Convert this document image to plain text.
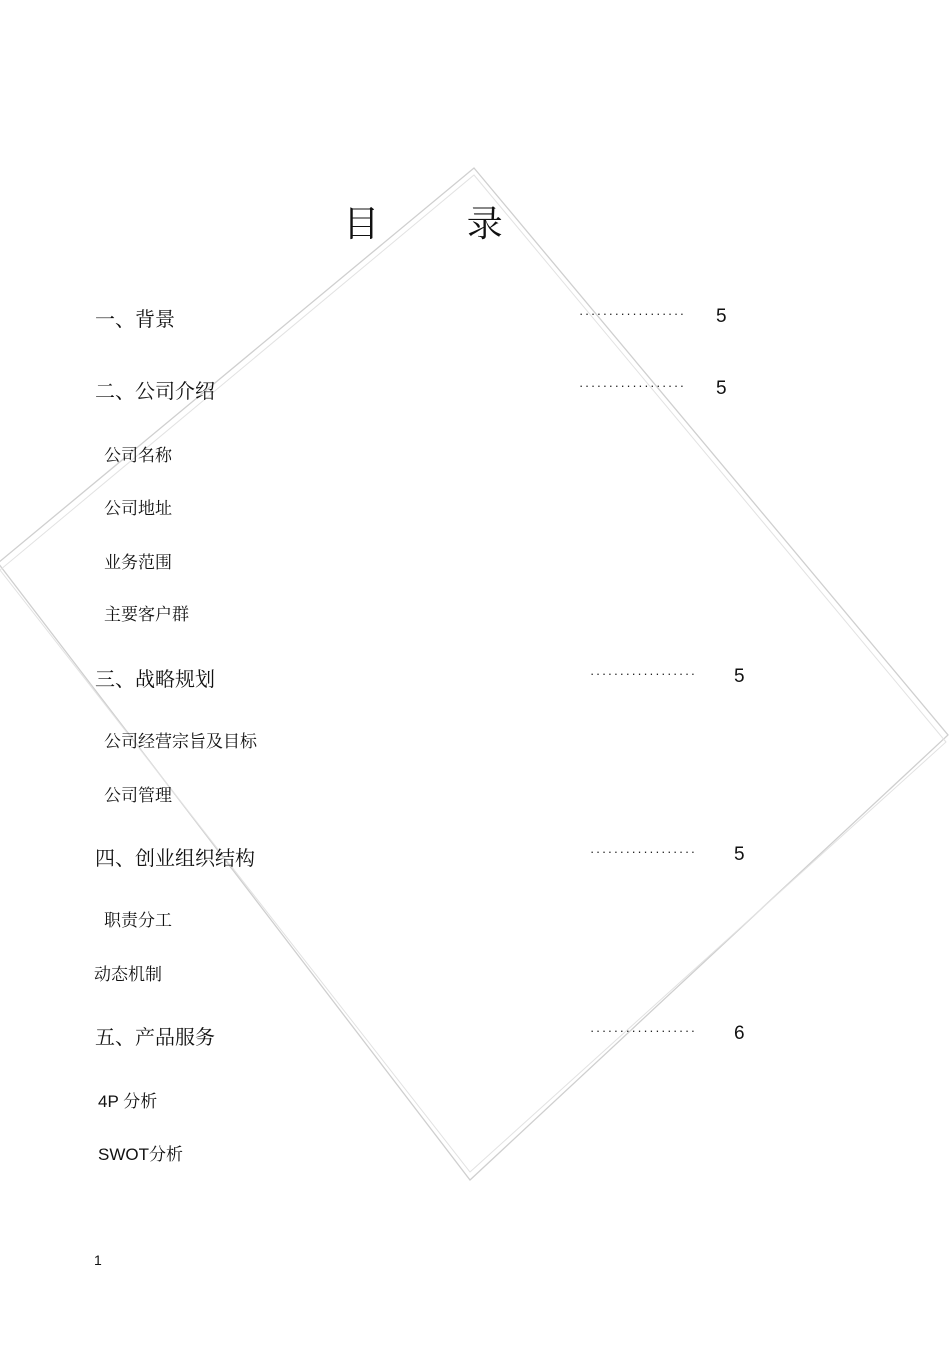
目 录
一、背景	·················· 5
二、公司介绍	·················· 5
公司名称
公司地址
业务范围
主要客户群
三、战略规划	·················· 5
公司经营宗旨及目标
公司管理
四、创业组织结构	·················· 5
职责分工
动态机制
五、产品服务	·················· 6
4P 分析
SWOT分析
1
